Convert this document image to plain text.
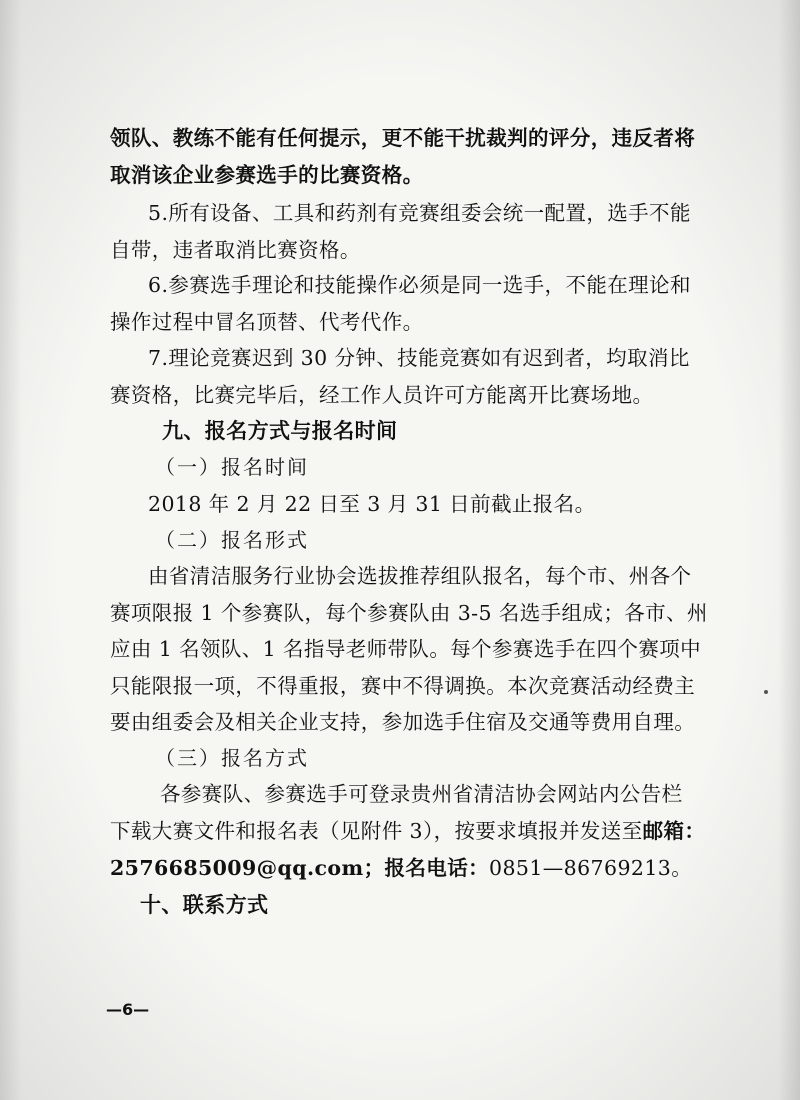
领队、教练不能有任何提示，更不能干扰裁判的评分，违反者将
取消该企业参赛选手的比赛资格。
5.所有设备、工具和药剂有竞赛组委会统一配置，选手不能
自带，违者取消比赛资格。
6.参赛选手理论和技能操作必须是同一选手，不能在理论和
操作过程中冒名顶替、代考代作。
7.理论竞赛迟到 30 分钟、技能竞赛如有迟到者，均取消比
赛资格，比赛完毕后，经工作人员许可方能离开比赛场地。
九、报名方式与报名时间
（一）报名时间
2018 年 2 月 22 日至 3 月 31 日前截止报名。
（二）报名形式
由省清洁服务行业协会选拔推荐组队报名，每个市、州各个
赛项限报 1 个参赛队，每个参赛队由 3-5 名选手组成；各市、州
应由 1 名领队、1 名指导老师带队。每个参赛选手在四个赛项中
只能限报一项，不得重报，赛中不得调换。本次竞赛活动经费主
要由组委会及相关企业支持，参加选手住宿及交通等费用自理。
（三）报名方式
各参赛队、参赛选手可登录贵州省清洁协会网站内公告栏
下载大赛文件和报名表（见附件 3），按要求填报并发送至邮箱：
2576685009@qq.com；报名电话：0851—86769213。
十、联系方式
—6—
